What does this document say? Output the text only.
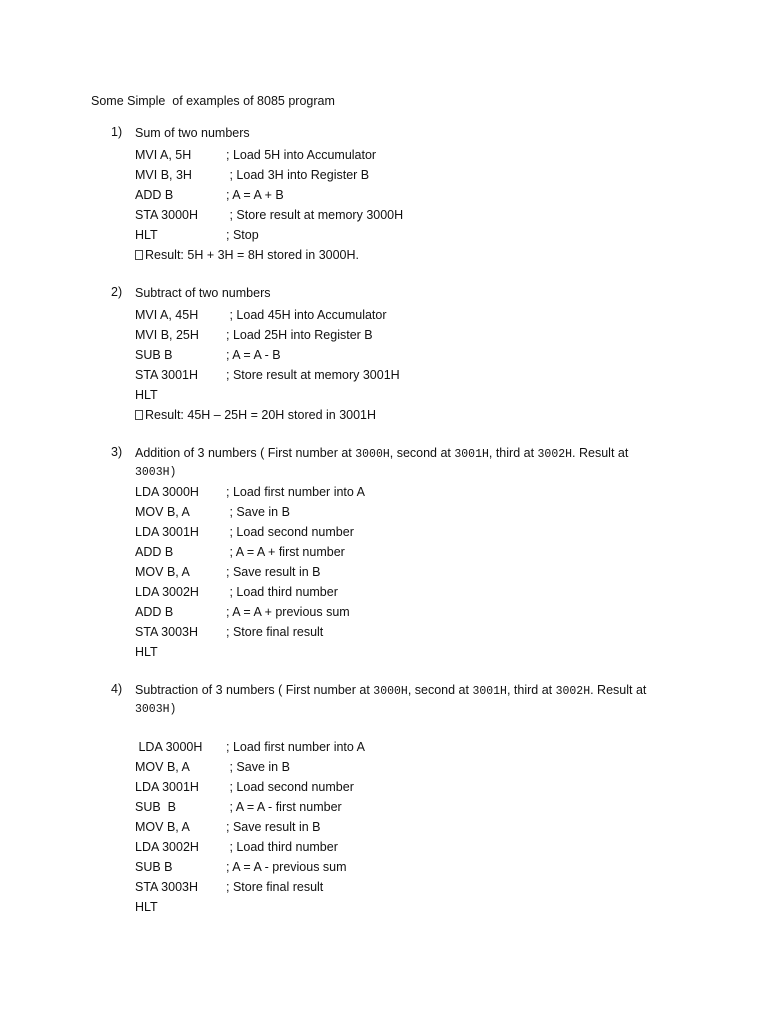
Some Simple  of examples of 8085 program
1) Sum of two numbers
MVI A, 5H	; Load 5H into Accumulator
MVI B, 3H	; Load 3H into Register B
ADD B	; A = A + B
STA 3000H ; Store result at memory 3000H
HLT	; Stop
Result: 5H + 3H = 8H stored in 3000H.
2) Subtract of two numbers
MVI A, 45H ; Load 45H into Accumulator
MVI B, 25H ; Load 25H into Register B
SUB B	; A = A - B
STA 3001H ; Store result at memory 3001H
HLT
Result: 45H – 25H = 20H stored in 3001H
3) Addition of 3 numbers ( First number at 3000H, second at 3001H, third at 3002H. Result at 3003H)
LDA 3000H ; Load first number into A
MOV B, A	; Save in B
LDA 3001H ; Load second number
ADD B	; A = A + first number
MOV B, A	; Save result in B
LDA 3002H ; Load third number
ADD B	; A = A + previous sum
STA 3003H ; Store final result
HLT
4) Subtraction of 3 numbers ( First number at 3000H, second at 3001H, third at 3002H. Result at 3003H)
LDA 3000H ; Load first number into A
MOV B, A	; Save in B
LDA 3001H ; Load second number
SUB  B	; A = A - first number
MOV B, A	; Save result in B
LDA 3002H ; Load third number
SUB B	; A = A - previous sum
STA 3003H ; Store final result
HLT
